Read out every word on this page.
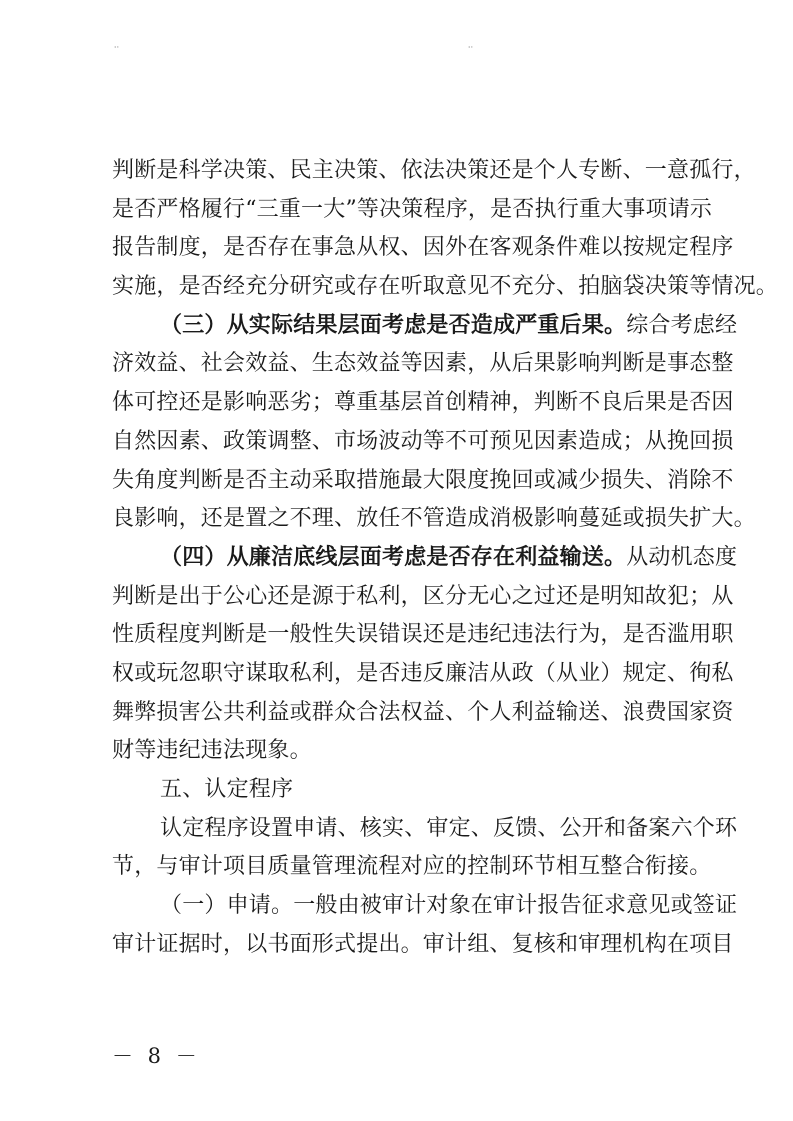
⸱·	⸱·
判断是科学决策、民主决策、依法决策还是个人专断、一意孤行，
是否严格履行“三重一大”等决策程序，是否执行重大事项请示
报告制度，是否存在事急从权、因外在客观条件难以按规定程序
实施，是否经充分研究或存在听取意见不充分、拍脑袋决策等情况。
（三）从实际结果层面考虑是否造成严重后果。综合考虑经
济效益、社会效益、生态效益等因素，从后果影响判断是事态整
体可控还是影响恶劣；尊重基层首创精神，判断不良后果是否因
自然因素、政策调整、市场波动等不可预见因素造成；从挽回损
失角度判断是否主动采取措施最大限度挽回或减少损失、消除不
良影响，还是置之不理、放任不管造成消极影响蔓延或损失扩大。
（四）从廉洁底线层面考虑是否存在利益输送。从动机态度
判断是出于公心还是源于私利，区分无心之过还是明知故犯；从
性质程度判断是一般性失误错误还是违纪违法行为，是否滥用职
权或玩忽职守谋取私利，是否违反廉洁从政（从业）规定、徇私
舞弊损害公共利益或群众合法权益、个人利益输送、浪费国家资
财等违纪违法现象。
五、认定程序
认定程序设置申请、核实、审定、反馈、公开和备案六个环
节，与审计项目质量管理流程对应的控制环节相互整合衔接。
（一）申请。一般由被审计对象在审计报告征求意见或签证
审计证据时，以书面形式提出。审计组、复核和审理机构在项目
－ 8 －
